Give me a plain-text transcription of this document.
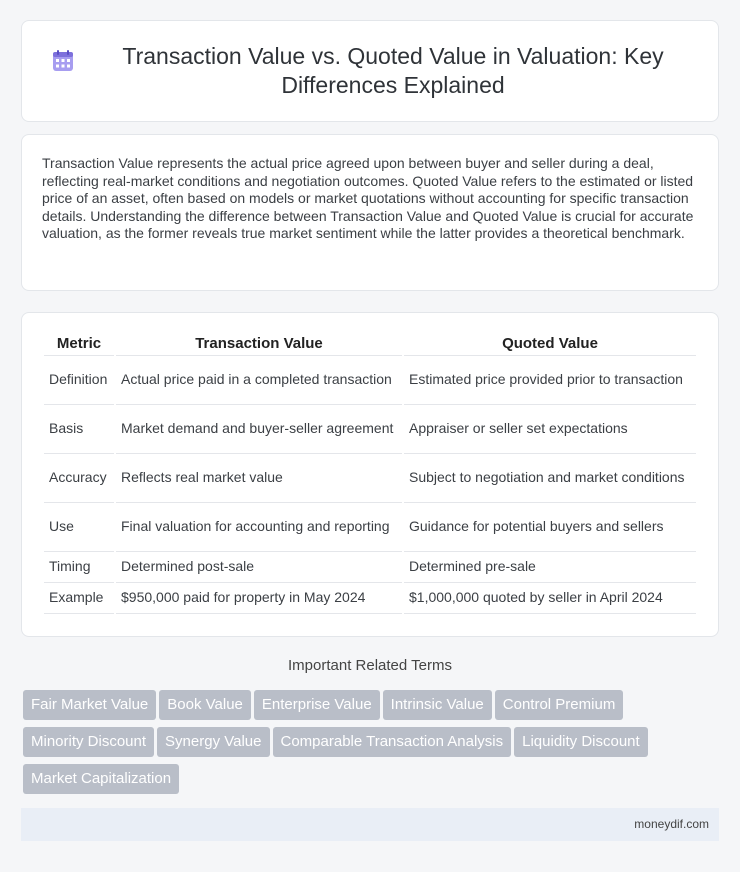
Transaction Value vs. Quoted Value in Valuation: Key Differences Explained

Transaction Value represents the actual price agreed upon between buyer and seller during a deal, reflecting real-market conditions and negotiation outcomes. Quoted Value refers to the estimated or listed price of an asset, often based on models or market quotations without accounting for specific transaction details. Understanding the difference between Transaction Value and Quoted Value is crucial for accurate valuation, as the former reveals true market sentiment while the latter provides a theoretical benchmark.

Metric	Transaction Value	Quoted Value
Definition	Actual price paid in a completed transaction	Estimated price provided prior to transaction
Basis	Market demand and buyer-seller agreement	Appraiser or seller set expectations
Accuracy	Reflects real market value	Subject to negotiation and market conditions
Use	Final valuation for accounting and reporting	Guidance for potential buyers and sellers
Timing	Determined post-sale	Determined pre-sale
Example	$950,000 paid for property in May 2024	$1,000,000 quoted by seller in April 2024
Important Related Terms
Fair Market Value	Book Value	Enterprise Value	Intrinsic Value	Control Premium
Minority Discount	Synergy Value	Comparable Transaction Analysis	Liquidity Discount
Market Capitalization
moneydif.com
